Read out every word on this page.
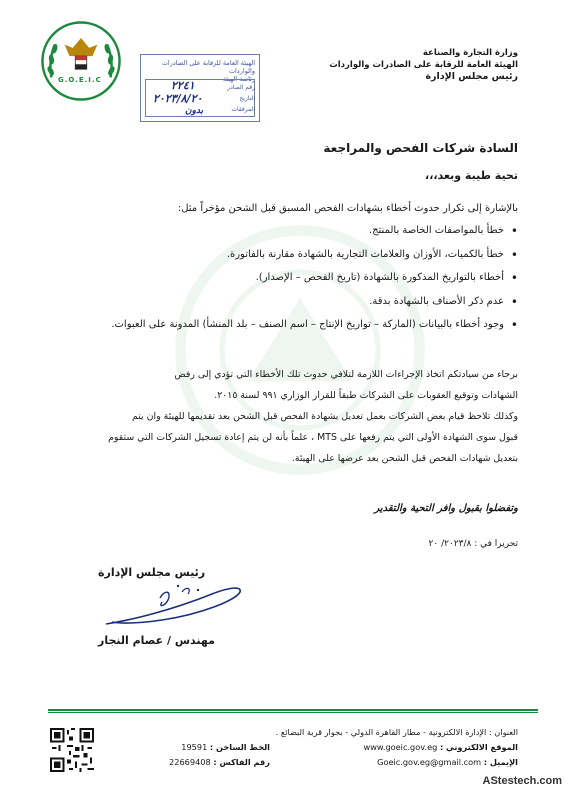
G.O.E.I.C
وزارة التجارة والصناعة
الهيئة العامة للرقابة على الصادرات والواردات
رئيس مجلس الإدارة
الهيئة العامة للرقابة على الصادرات والواردات
رئاسة الهيئة
رقم الصادر
التاريخ
المرفقات
٢٢٤١
٢٠٢٣/٨/٢٠
بدون
السادة شركات الفحص والمراجعة
تحية طيبة وبعد،،،
بالإشارة إلى تكرار حدوث أخطاء بشهادات الفحص المسبق قبل الشحن مؤخراً مثل:
• خطأ بالمواصفات الخاصة بالمنتج.
• خطأ بالكميات، الأوزان والعلامات التجارية بالشهادة مقارنة بالفاتورة.
• أخطاء بالتواريخ المذكورة بالشهادة (تاريخ الفحص – الإصدار).
• عدم ذكر الأصناف بالشهادة بدقة.
• وجود أخطاء بالبيانات (الماركة – تواريخ الإنتاج – اسم الصنف – بلد المنشأ) المدونة على العبوات.
برجاء من سيادتكم اتخاذ الإجراءات اللازمة لتلافي حدوث تلك الأخطاء التي تؤدي إلى رفض
الشهادات وتوقيع العقوبات على الشركات طبقاً للقرار الوزاري ٩٩١ لسنة ٢٠١٥.
وكذلك تلاحظ قيام بعض الشركات بعمل تعديل بشهادة الفحص قبل الشحن بعد تقديمها للهيئة وان يتم
قبول سوى الشهادة الأولى التي يتم رفعها على MTS ، علماً بأنه لن يتم إعادة تسجيل الشركات التي ستقوم
بتعديل شهادات الفحص قبل الشحن بعد عرضها على الهيئة.
وتفضلوا بقبول وافر التحية والتقدير
تحريرا في : ٢٠٢٣/٨/ ٢٠
رئيس مجلس الإدارة
مهندس / عصام النجار
العنوان : الإدارة الالكترونية - مطار القاهرة الدولي - بجوار قرية البضائع .
الموقع الالكتروني : www.goeic.gov.eg
الخط الساخن : 19591
الإيميل : Goeic.gov.eg@gmail.com
رقم الفاكس : 22669408
AStestech.com
